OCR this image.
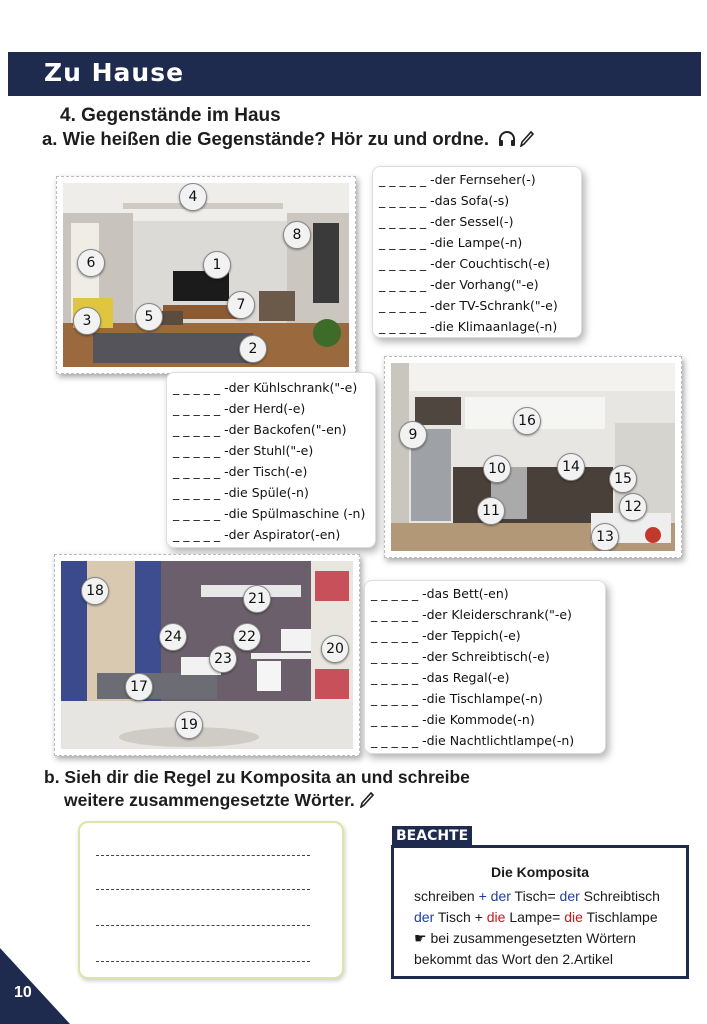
Zu Hause
4. Gegenstände im Haus
a. Wie heißen die Gegenstände? Hör zu und ordne.
4
8
6	1
7
3	5
2
_ _ _ _ _ -der Fernseher(-)
_ _ _ _ _ -das Sofa(-s)
_ _ _ _ _ -der Sessel(-)
_ _ _ _ _ -die Lampe(-n)
_ _ _ _ _ -der Couchtisch(-e)
_ _ _ _ _ -der Vorhang("-e)
_ _ _ _ _ -der TV-Schrank("-e)
_ _ _ _ _ -die Klimaanlage(-n)
_ _ _ _ _ -der Kühlschrank("-e)
_ _ _ _ _ -der Herd(-e)
_ _ _ _ _ -der Backofen("-en)
_ _ _ _ _ -der Stuhl("-e)
_ _ _ _ _ -der Tisch(-e)
_ _ _ _ _ -die Spüle(-n)
_ _ _ _ _ -die Spülmaschine (-n)
_ _ _ _ _ -der Aspirator(-en)
9
16
10	14
15
11	12
13
18	21
24	22
20
23
17
19
_ _ _ _ _ -das Bett(-en)
_ _ _ _ _ -der Kleiderschrank("-e)
_ _ _ _ _ -der Teppich(-e)
_ _ _ _ _ -der Schreibtisch(-e)
_ _ _ _ _ -das Regal(-e)
_ _ _ _ _ -die Tischlampe(-n)
_ _ _ _ _ -die Kommode(-n)
_ _ _ _ _ -die Nachtlichtlampe(-n)
b. Sieh dir die Regel zu Komposita an und schreibe
weitere zusammengesetzte Wörter.
BEACHTE
Die Komposita
schreiben + der Tisch= der Schreibtisch
der Tisch + die Lampe= die Tischlampe
☛ bei zusammengesetzten Wörtern
bekommt das Wort den 2.Artikel
10
